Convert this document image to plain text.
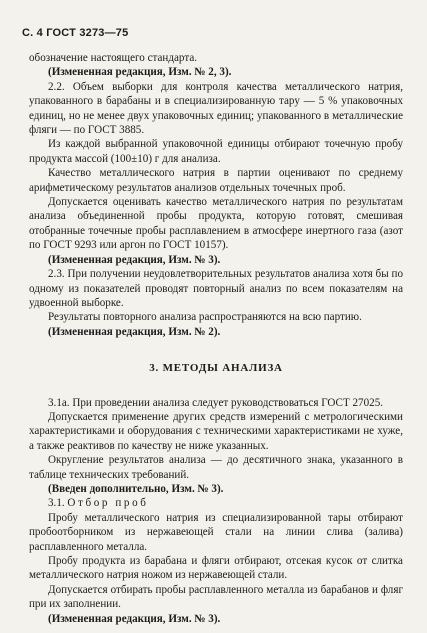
С. 4 ГОСТ 3273—75

обозначение настоящего стандарта.

(Измененная редакция, Изм. № 2, 3).

2.2. Объем выборки для контроля качества металлического натрия, упакованного в барабаны и в специализированную тару — 5 % упаковочных единиц, но не менее двух упаковочных единиц; упакованного в металлические фляги — по ГОСТ 3885.

Из каждой выбранной упаковочной единицы отбирают точечную пробу продукта массой (100±10) г для анализа.

Качество металлического натрия в партии оценивают по среднему арифметическому результатов анализов отдельных точечных проб.

Допускается оценивать качество металлического натрия по результатам анализа объединенной пробы продукта, которую готовят, смешивая отобранные точечные пробы расплавлением в атмосфере инертного газа (азот по ГОСТ 9293 или аргон по ГОСТ 10157).

(Измененная редакция, Изм. № 3).

2.3. При получении неудовлетворительных результатов анализа хотя бы по одному из показателей проводят повторный анализ по всем показателям на удвоенной выборке.

Результаты повторного анализа распространяются на всю партию.

(Измененная редакция, Изм. № 2).

3. МЕТОДЫ АНАЛИЗА

3.1а. При проведении анализа следует руководствоваться ГОСТ 27025.

Допускается применение других средств измерений с метрологическими характеристиками и оборудования с техническими характеристиками не хуже, а также реактивов по качеству не ниже указанных.

Округление результатов анализа — до десятичного знака, указанного в таблице технических требований.

(Введен дополнительно, Изм. № 3).

3.1. Отбор проб

Пробу металлического натрия из специализированной тары отбирают пробоотборником из нержавеющей стали на линии слива (залива) расплавленного металла.

Пробу продукта из барабана и фляги отбирают, отсекая кусок от слитка металлического натрия ножом из нержавеющей стали.

Допускается отбирать пробы расплавленного металла из барабанов и фляг при их заполнении.

(Измененная редакция, Изм. № 3).
